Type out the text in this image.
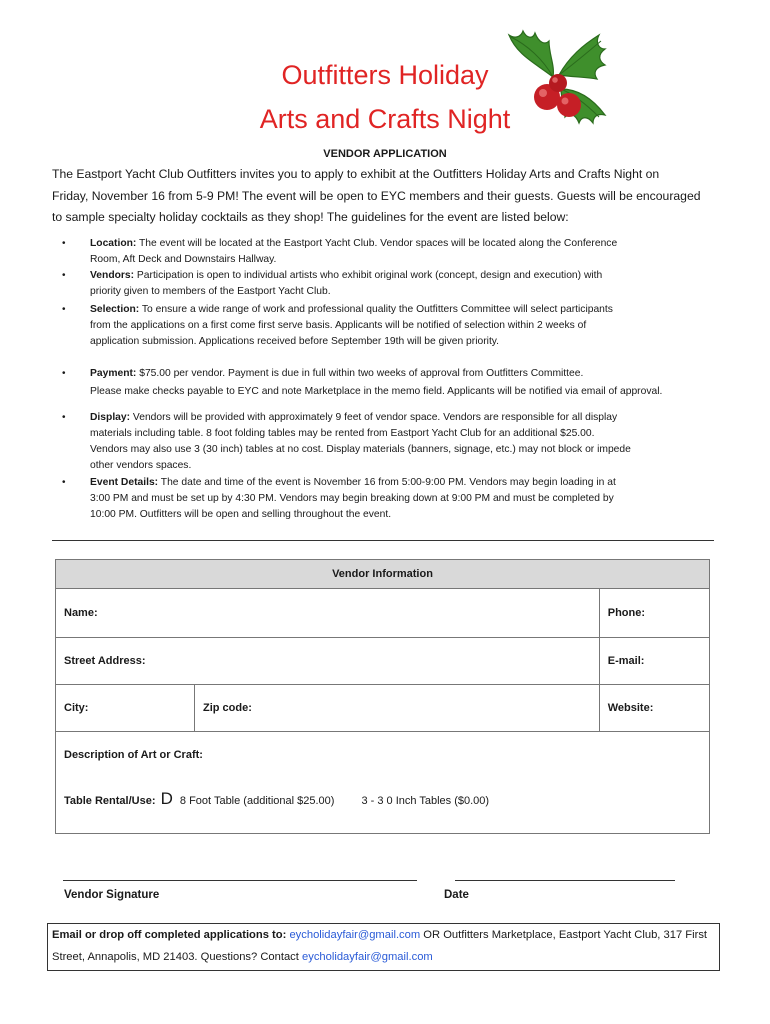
Outfitters Holiday
Arts and Crafts Night
VENDOR APPLICATION
The Eastport Yacht Club Outfitters invites you to apply to exhibit at the Outfitters Holiday Arts and Crafts Night on
Friday, November 16 from 5-9 PM! The event will be open to EYC members and their guests. Guests will be encouraged
to sample specialty holiday cocktails as they shop! The guidelines for the event are listed below:
• Location: The event will be located at the Eastport Yacht Club. Vendor spaces will be located along the Conference
Room, Aft Deck and Downstairs Hallway.
• Vendors: Participation is open to individual artists who exhibit original work (concept, design and execution) with
priority given to members of the Eastport Yacht Club.
• Selection: To ensure a wide range of work and professional quality the Outfitters Committee will select participants
from the applications on a first come first serve basis. Applicants will be notified of selection within 2 weeks of
application submission. Applications received before September 19th will be given priority.
• Payment: $75.00 per vendor. Payment is due in full within two weeks of approval from Outfitters Committee.
Please make checks payable to EYC and note Marketplace in the memo field. Applicants will be notified via email of approval.
• Display: Vendors will be provided with approximately 9 feet of vendor space. Vendors are responsible for all display
materials including table. 8 foot folding tables may be rented from Eastport Yacht Club for an additional $25.00.
Vendors may also use 3 (30 inch) tables at no cost. Display materials (banners, signage, etc.) may not block or impede
other vendors spaces.
• Event Details: The date and time of the event is November 16 from 5:00-9:00 PM. Vendors may begin loading in at
3:00 PM and must be set up by 4:30 PM. Vendors may begin breaking down at 9:00 PM and must be completed by
10:00 PM. Outfitters will be open and selling throughout the event.
Vendor Information		
Name:		Phone:
Street Address:		E-mail:
City:	Zip code:	Website:
Description of Art or Craft:		
Table Rental/Use: D 8 Foot Table (additional $25.00) 3 - 3 0 Inch Tables ($0.00)		
Vendor Signature	Date
Email or drop off completed applications to: eycholidayfair@gmail.com OR Outfitters Marketplace, Eastport Yacht Club, 317 First
Street, Annapolis, MD 21403. Questions? Contact eycholidayfair@gmail.com
